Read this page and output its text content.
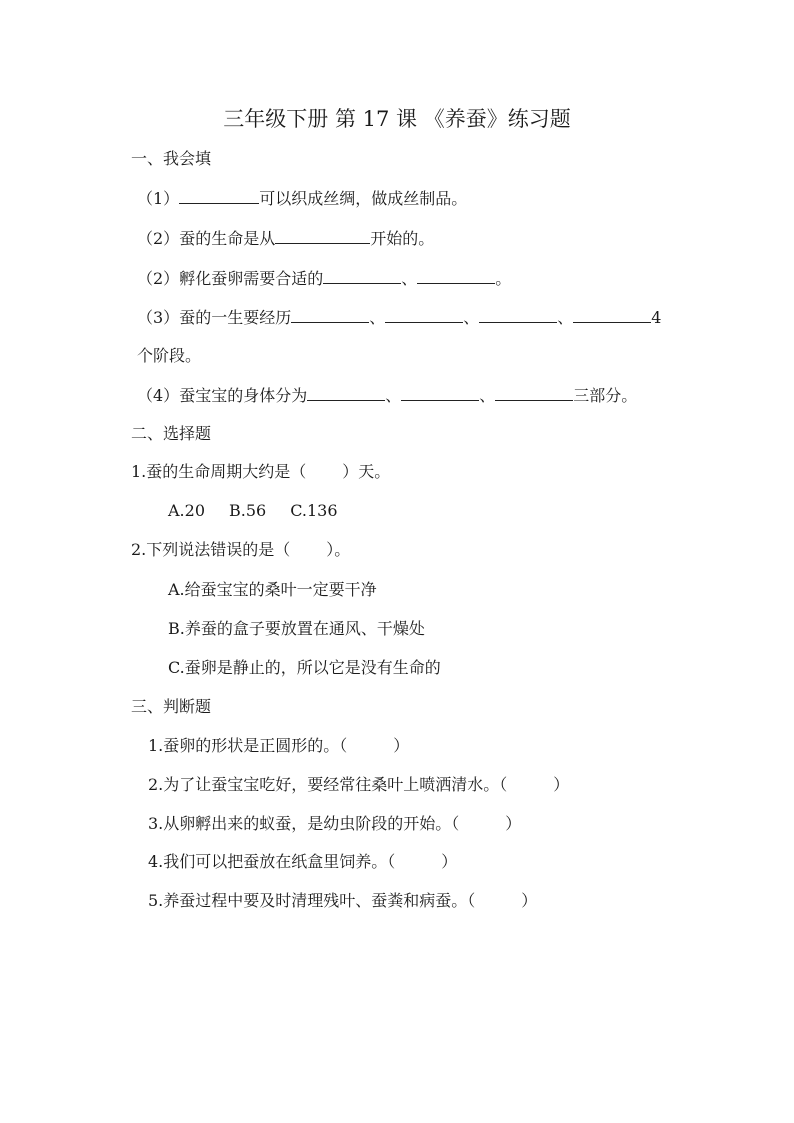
三年级下册 第 17 课 《养蚕》练习题
一、我会填
（1）	可以织成丝绸，做成丝制品。
（2）蚕的生命是从	开始的。
（2）孵化蚕卵需要合适的	、	。
（3）蚕的一生要经历	、	、	、	4
个阶段。
（4）蚕宝宝的身体分为	、	、	三部分。
二、选择题
1.蚕的生命周期大约是（ ）天。
A.20 B.56 C.136
2.下列说法错误的是（ ）。
A.给蚕宝宝的桑叶一定要干净
B.养蚕的盒子要放置在通风、干燥处
C.蚕卵是静止的，所以它是没有生命的
三、判断题
1.蚕卵的形状是正圆形的。（	）
2.为了让蚕宝宝吃好，要经常往桑叶上喷洒清水。（	）
3.从卵孵出来的蚁蚕，是幼虫阶段的开始。（	）
4.我们可以把蚕放在纸盒里饲养。（	）
5.养蚕过程中要及时清理残叶、蚕粪和病蚕。（	）
